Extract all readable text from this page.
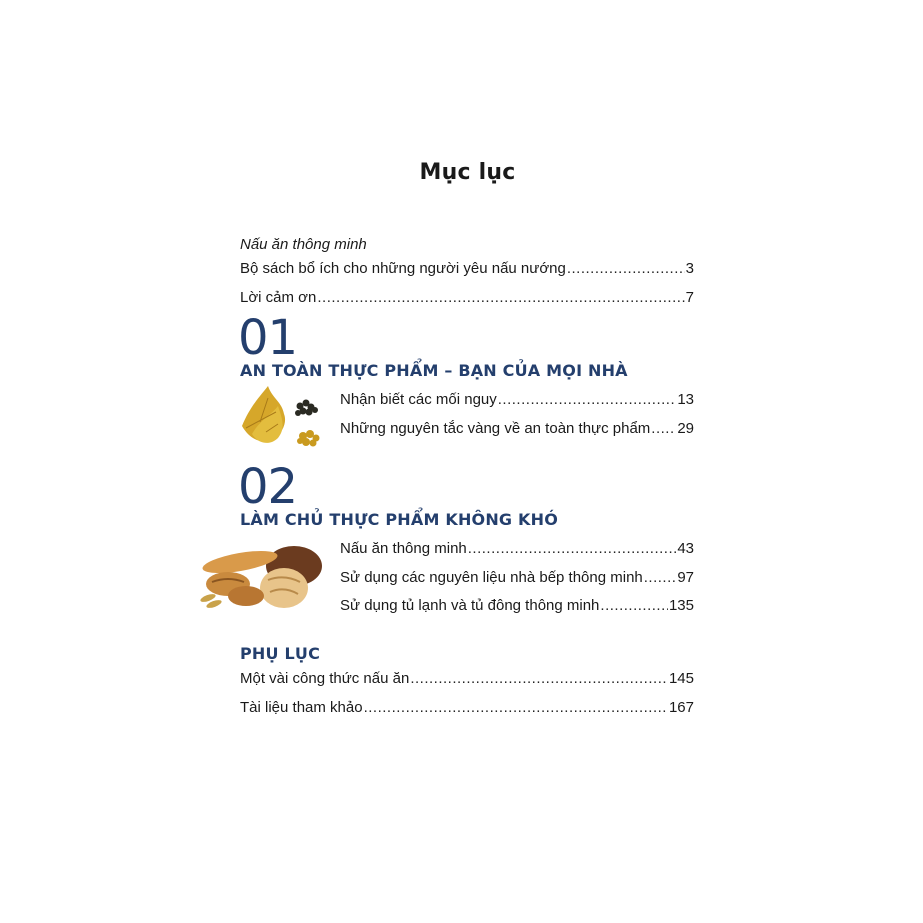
Mục lục
Nấu ăn thông minh
Bộ sách bổ ích cho những người yêu nấu nướng .....	3
Lời cảm ơn .....	7
01
AN TOÀN THỰC PHẨM – BẠN CỦA MỌI NHÀ
Nhận biết các mối nguy .....	13
Những nguyên tắc vàng về an toàn thực phẩm ..... 29
02
LÀM CHỦ THỰC PHẨM KHÔNG KHÓ
Nấu ăn thông minh .....	43
Sử dụng các nguyên liệu nhà bếp thông minh ..... 97
Sử dụng tủ lạnh và tủ đông thông minh .....	135
PHỤ LỤC
Một vài công thức nấu ăn .....	145
Tài liệu tham khảo .....	167
